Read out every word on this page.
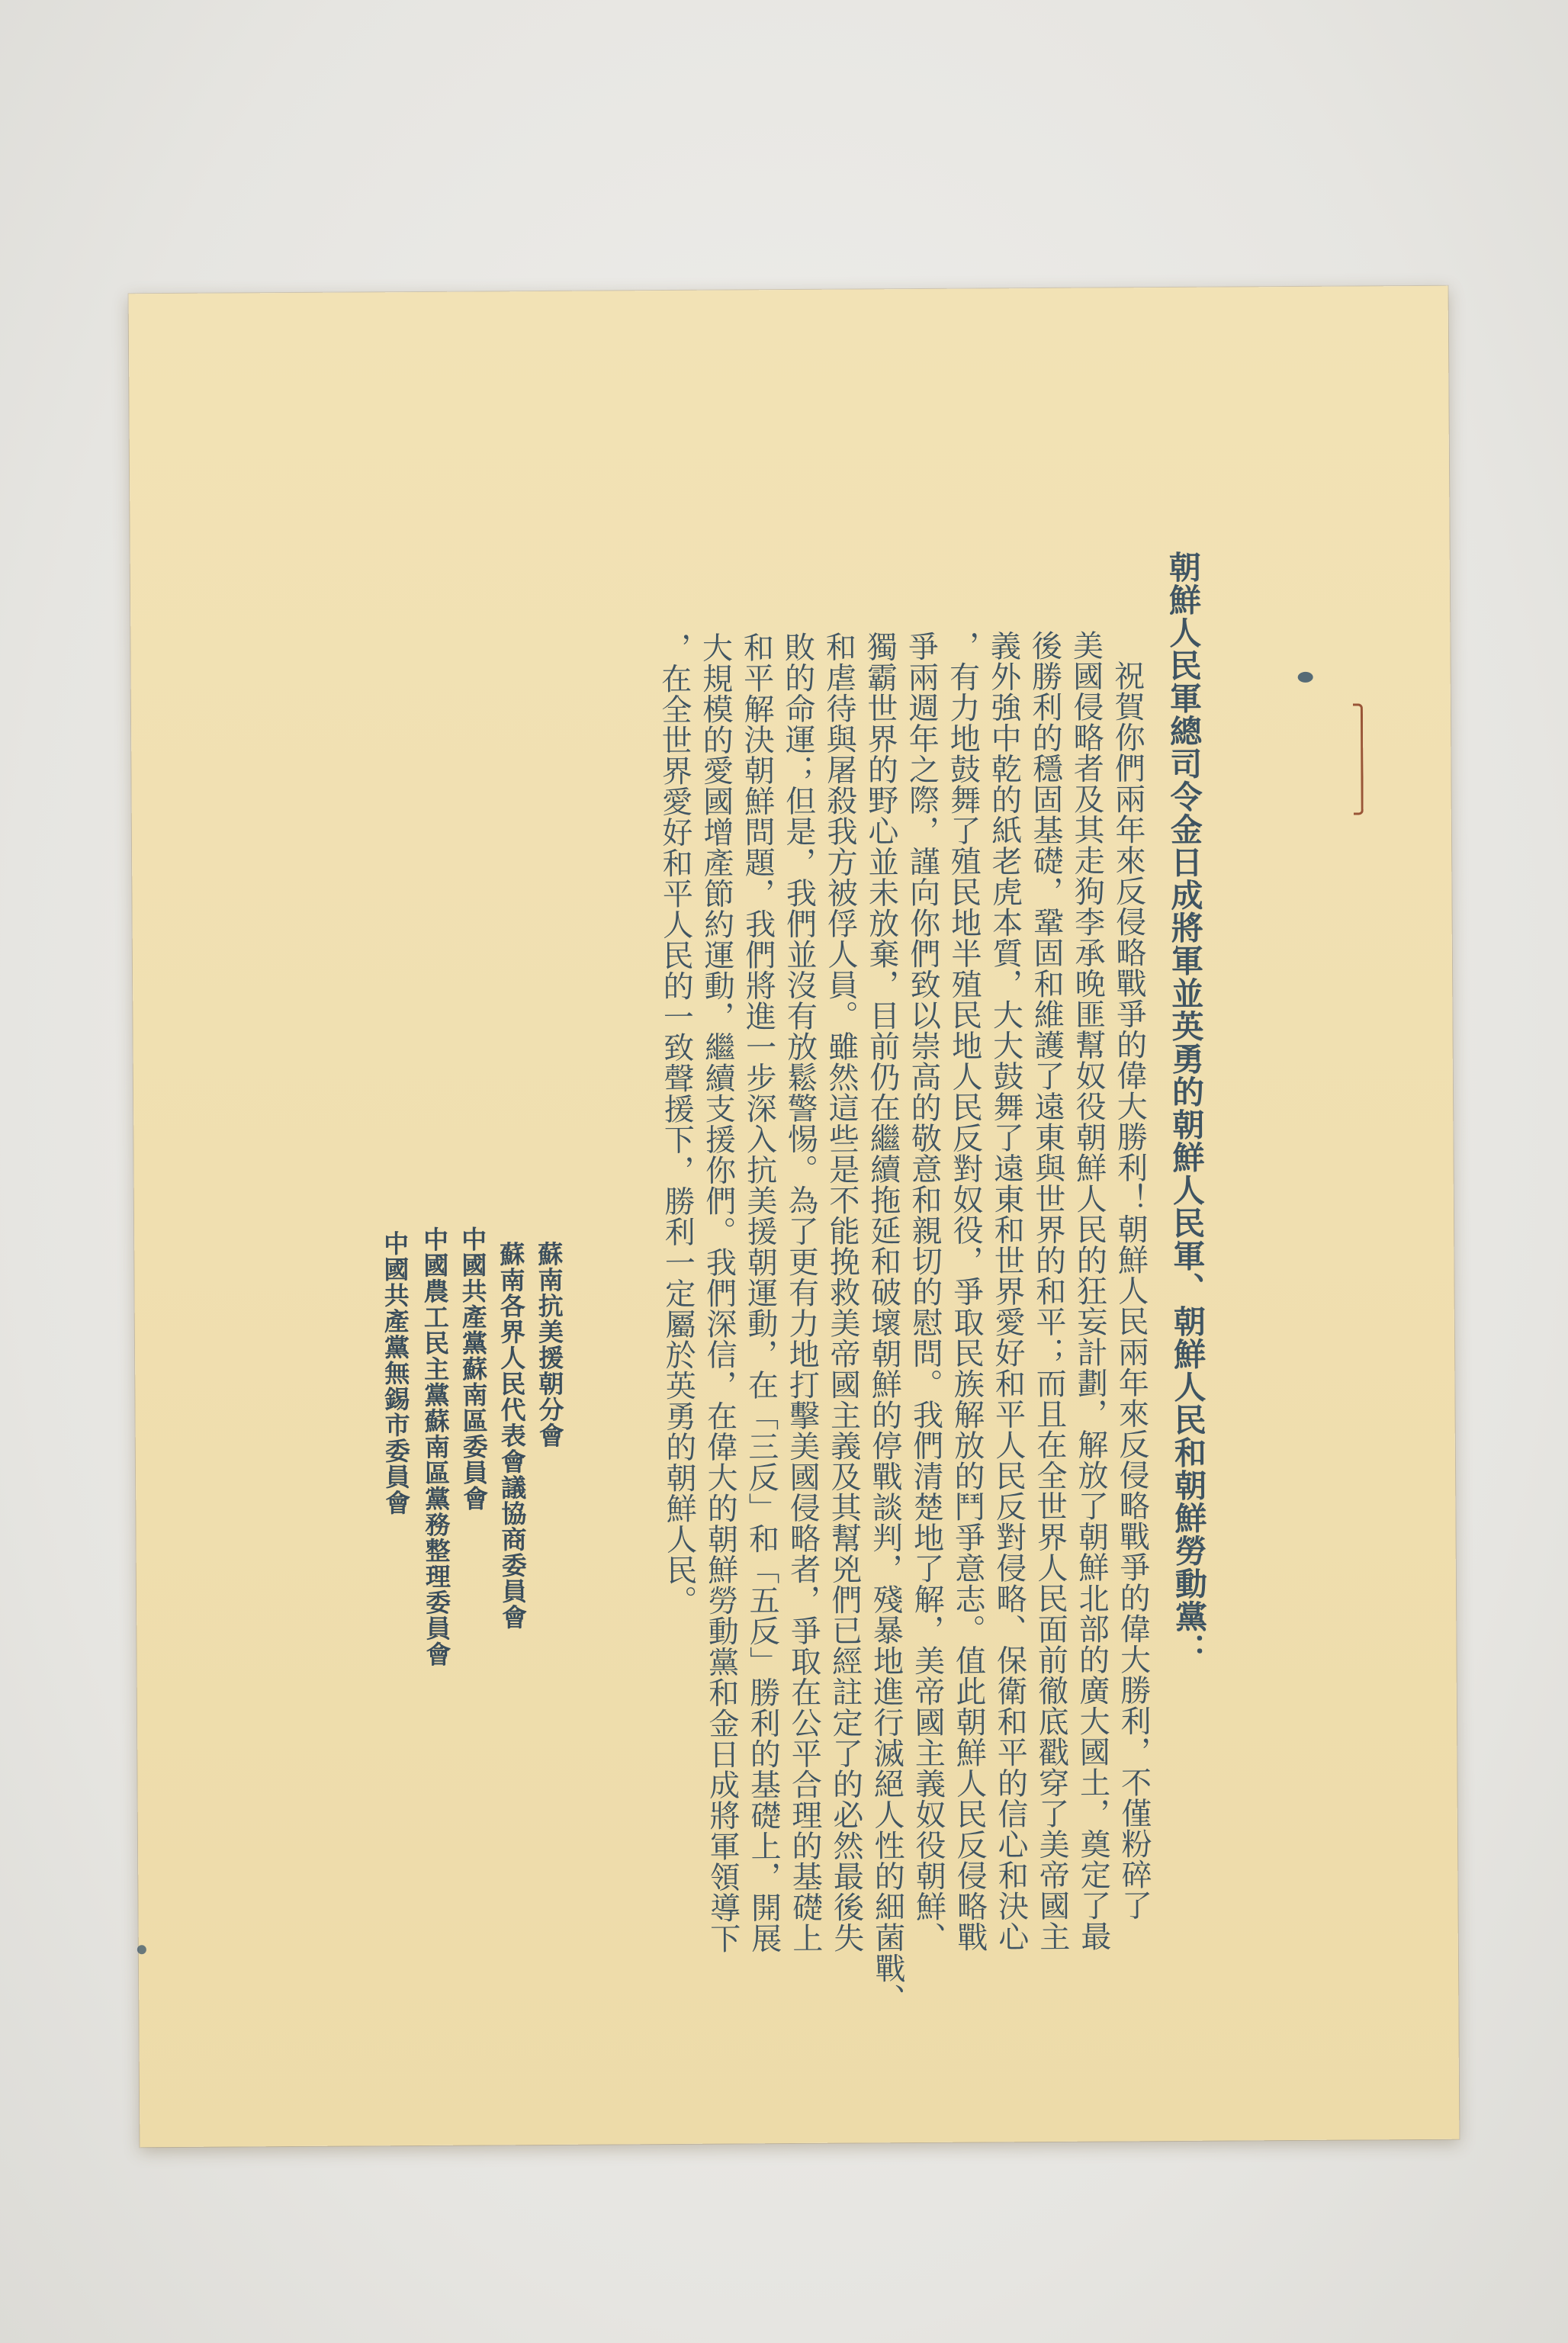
朝鮮人民軍總司令金日成將軍並英勇的朝鮮人民軍、朝鮮人民和朝鮮勞動黨：
　祝賀你們兩年來反侵略戰爭的偉大勝利！朝鮮人民兩年來反侵略戰爭的偉大勝利，不僅粉碎了
美國侵略者及其走狗李承晚匪幫奴役朝鮮人民的狂妄計劃，解放了朝鮮北部的廣大國土，奠定了最
後勝利的穩固基礎，鞏固和維護了遠東與世界的和平；而且在全世界人民面前徹底戳穿了美帝國主
義外強中乾的紙老虎本質，大大鼓舞了遠東和世界愛好和平人民反對侵略、保衛和平的信心和決心
，有力地鼓舞了殖民地半殖民地人民反對奴役，爭取民族解放的鬥爭意志。值此朝鮮人民反侵略戰
爭兩週年之際，謹向你們致以崇高的敬意和親切的慰問。我們清楚地了解，美帝國主義奴役朝鮮、
獨霸世界的野心並未放棄，目前仍在繼續拖延和破壞朝鮮的停戰談判，殘暴地進行滅絕人性的細菌戰、
和虐待與屠殺我方被俘人員。雖然這些是不能挽救美帝國主義及其幫兇們已經註定了的必然最後失
敗的命運；但是，我們並沒有放鬆警惕。為了更有力地打擊美國侵略者，爭取在公平合理的基礎上
和平解決朝鮮問題，我們將進一步深入抗美援朝運動，在「三反」和「五反」勝利的基礎上，開展
大規模的愛國增產節約運動，繼續支援你們。我們深信，在偉大的朝鮮勞動黨和金日成將軍領導下
，在全世界愛好和平人民的一致聲援下，勝利一定屬於英勇的朝鮮人民。
蘇南抗美援朝分會
蘇南各界人民代表會議協商委員會
中國共產黨蘇南區委員會
中國農工民主黨蘇南區黨務整理委員會
中國共產黨無錫市委員會
